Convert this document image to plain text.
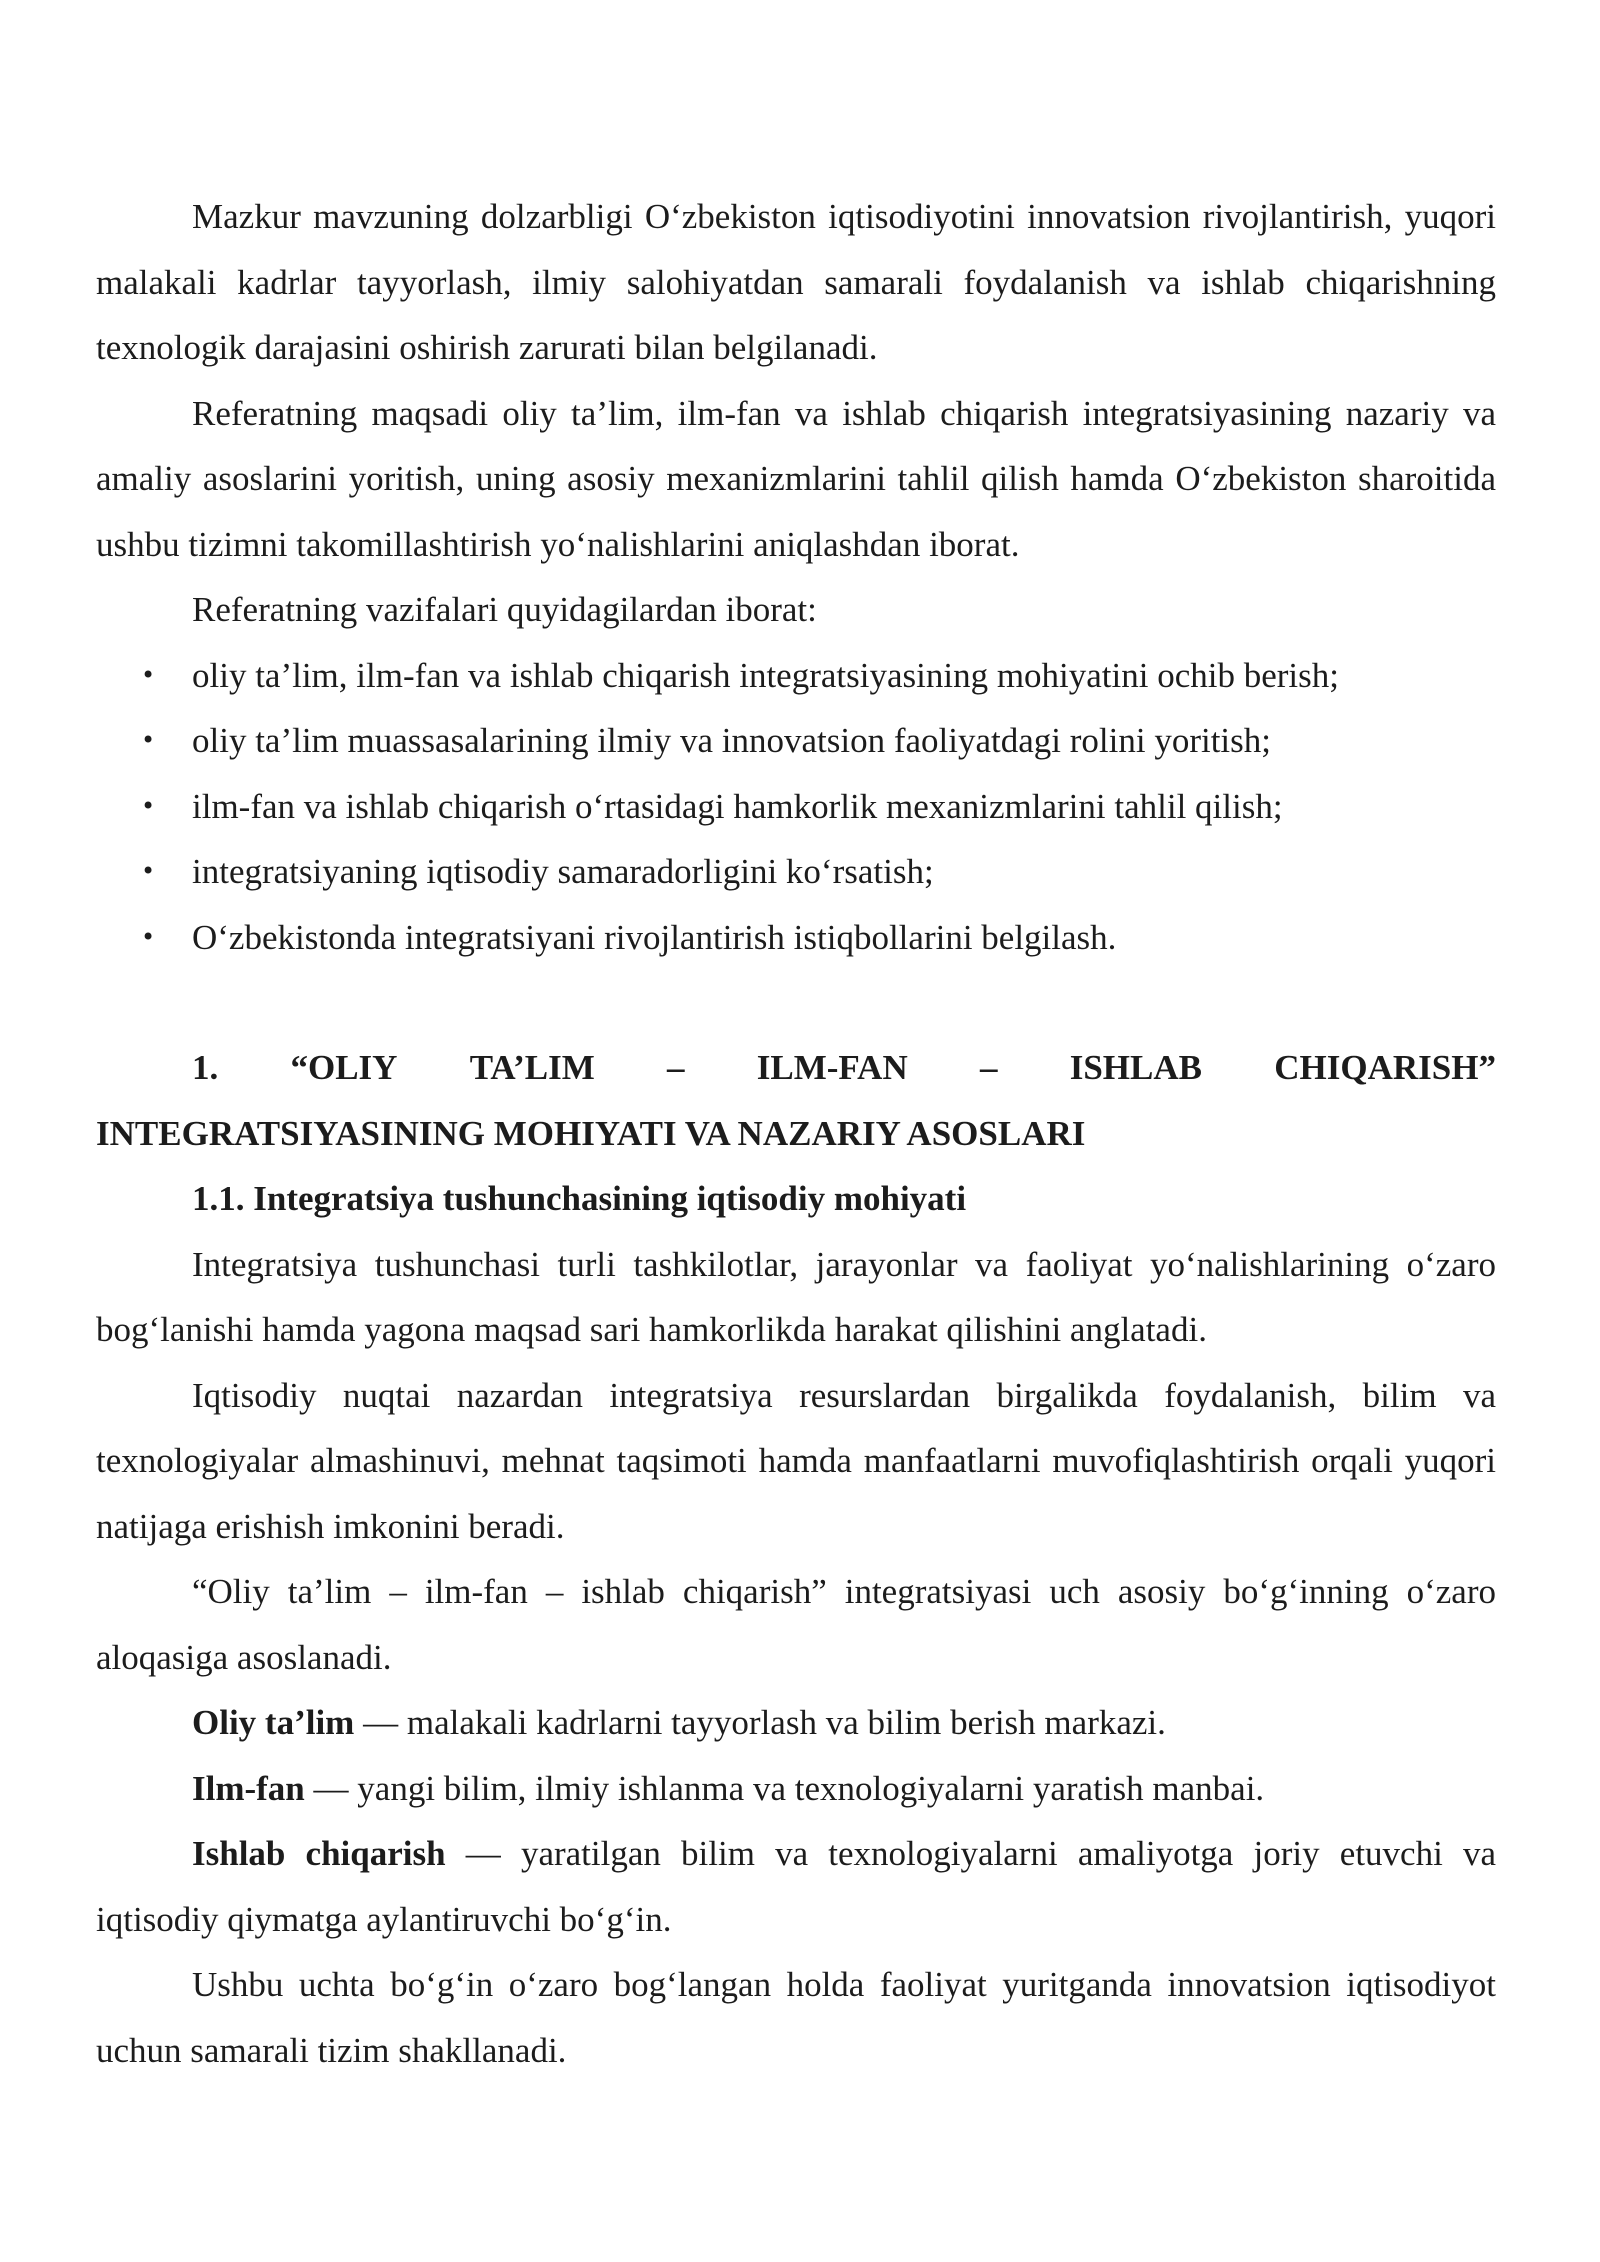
Mazkur mavzuning dolzarbligi O‘zbekiston iqtisodiyotini innovatsion rivojlantirish, yuqori malakali kadrlar tayyorlash, ilmiy salohiyatdan samarali foydalanish va ishlab chiqarishning texnologik darajasini oshirish zarurati bilan belgilanadi.

Referatning maqsadi oliy ta’lim, ilm-fan va ishlab chiqarish integratsiyasining nazariy va amaliy asoslarini yoritish, uning asosiy mexanizmlarini tahlil qilish hamda O‘zbekiston sharoitida ushbu tizimni takomillashtirish yo‘nalishlarini aniqlashdan iborat.

Referatning vazifalari quyidagilardan iborat:

• oliy ta’lim, ilm-fan va ishlab chiqarish integratsiyasining mohiyatini ochib berish;
• oliy ta’lim muassasalarining ilmiy va innovatsion faoliyatdagi rolini yoritish;
• ilm-fan va ishlab chiqarish o‘rtasidagi hamkorlik mexanizmlarini tahlil qilish;
• integratsiyaning iqtisodiy samaradorligini ko‘rsatish;
• O‘zbekistonda integratsiyani rivojlantirish istiqbollarini belgilash.
1. “OLIY TA’LIM – ILM-FAN – ISHLAB CHIQARISH”

INTEGRATSIYASINING MOHIYATI VA NAZARIY ASOSLARI

1.1. Integratsiya tushunchasining iqtisodiy mohiyati

Integratsiya tushunchasi turli tashkilotlar, jarayonlar va faoliyat yo‘nalishlarining o‘zaro bog‘lanishi hamda yagona maqsad sari hamkorlikda harakat qilishini anglatadi.

Iqtisodiy nuqtai nazardan integratsiya resurslardan birgalikda foydalanish, bilim va texnologiyalar almashinuvi, mehnat taqsimoti hamda manfaatlarni muvofiqlashtirish orqali yuqori natijaga erishish imkonini beradi.

“Oliy ta’lim – ilm-fan – ishlab chiqarish” integratsiyasi uch asosiy bo‘g‘inning o‘zaro aloqasiga asoslanadi.

Oliy ta’lim — malakali kadrlarni tayyorlash va bilim berish markazi.

Ilm-fan — yangi bilim, ilmiy ishlanma va texnologiyalarni yaratish manbai.

Ishlab chiqarish — yaratilgan bilim va texnologiyalarni amaliyotga joriy etuvchi va iqtisodiy qiymatga aylantiruvchi bo‘g‘in.

Ushbu uchta bo‘g‘in o‘zaro bog‘langan holda faoliyat yuritganda innovatsion iqtisodiyot uchun samarali tizim shakllanadi.
